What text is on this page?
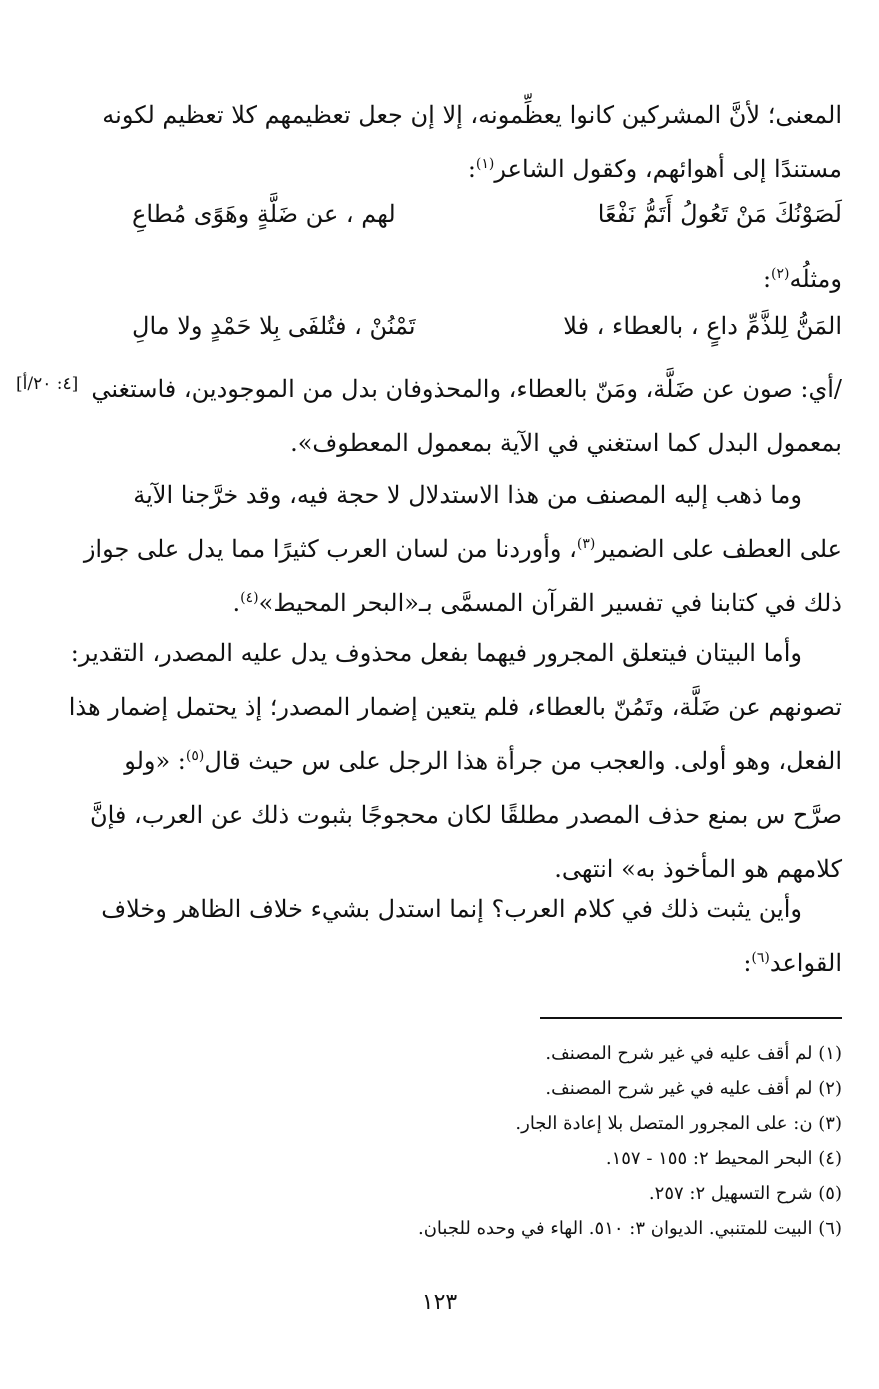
المعنى؛ لأنَّ المشركين كانوا يعظِّمونه، إلا إن جعل تعظيمهم كلا تعظيم لكونه
مستندًا إلى أهوائهم، وكقول الشاعر$^{(١)}$:
لَصَوْنُكَ مَنْ تَعُولُ أَتَمُّ نَفْعًا
لهم ، عن ضَلَّةٍ وهَوًى مُطاعِ
ومثلُه$^{(٢)}$:
المَنُّ لِلذَّمِّ داعٍ ، بالعطاء ، فلا
تَمْنُنْ ، فتُلفَى بِلا حَمْدٍ ولا مالِ
[٤: ٢٠/أ] /أي: صون عن ضَلَّة، ومَنّ بالعطاء، والمحذوفان بدل من الموجودين، فاستغني
بمعمول البدل كما استغني في الآية بمعمول المعطوف».
وما ذهب إليه المصنف من هذا الاستدلال لا حجة فيه، وقد خرَّجنا الآية
على العطف على الضمير$^{(٣)}$، وأوردنا من لسان العرب كثيرًا مما يدل على جواز
ذلك في كتابنا في تفسير القرآن المسمَّى بـ«البحر المحيط»$^{(٤)}$.
وأما البيتان فيتعلق المجرور فيهما بفعل محذوف يدل عليه المصدر، التقدير:
تصونهم عن ضَلَّة، وتَمُنّ بالعطاء، فلم يتعين إضمار المصدر؛ إذ يحتمل إضمار هذا
الفعل، وهو أولى. والعجب من جرأة هذا الرجل على س حيث قال$^{(٥)}$: «ولو
صرَّح س بمنع حذف المصدر مطلقًا لكان محجوجًا بثبوت ذلك عن العرب، فإنَّ
كلامهم هو المأخوذ به» انتهى.
وأين يثبت ذلك في كلام العرب؟ إنما استدل بشيء خلاف الظاهر وخلاف
القواعد$^{(٦)}$:
(١) لم أقف عليه في غير شرح المصنف.
(٢) لم أقف عليه في غير شرح المصنف.
(٣) ن: على المجرور المتصل بلا إعادة الجار.
(٤) البحر المحيط ٢: ١٥٥ - ١٥٧.
(٥) شرح التسهيل ٢: ٢٥٧.
(٦) البيت للمتنبي. الديوان ٣: ٥١٠. الهاء في وحده للجبان.
١٢٣
